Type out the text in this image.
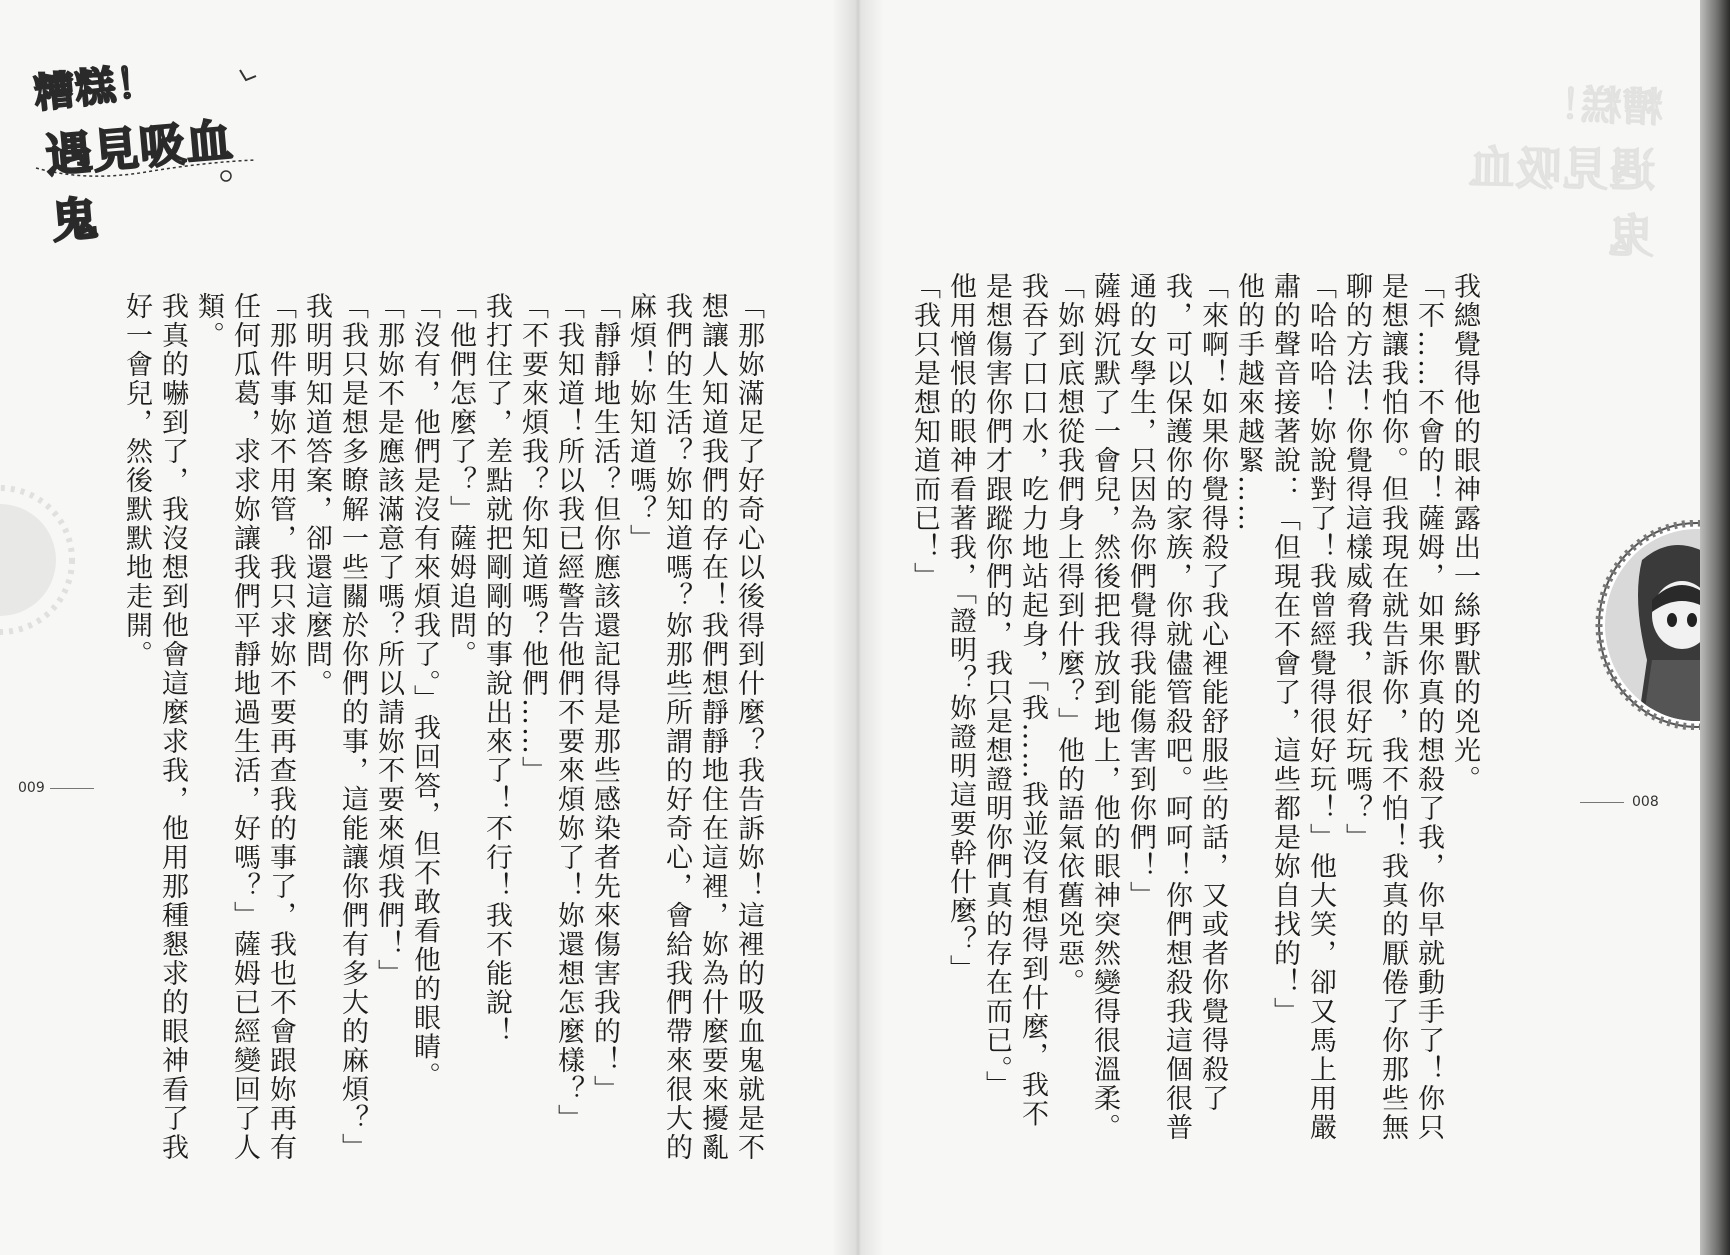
糟糕！
遇見吸血鬼

「那妳滿足了好奇心以後得到什麼？我告訴妳！這裡的吸血鬼就是不想讓人知道我們的存在！我們想靜靜地住在這裡，妳為什麼要來擾亂我們的生活？妳知道嗎？妳那些所謂的好奇心，會給我們帶來很大的麻煩！妳知道嗎？」

「靜靜地生活？但你應該還記得是那些感染者先來傷害我的！」

「我知道！所以我已經警告他們不要來煩妳了！妳還想怎麼樣？」

「不要來煩我？你知道嗎？他們……」

我打住了，差點就把剛剛的事說出來了！不行！我不能說！

「他們怎麼了？」薩姆追問。

「沒有，他們是沒有來煩我了。」我回答，但不敢看他的眼睛。

「那妳不是應該滿意了嗎？所以請妳不要來煩我們！」

「我只是想多瞭解一些關於你們的事，這能讓你們有多大的麻煩？」我明明知道答案，卻還這麼問。

「那件事妳不用管，我只求妳不要再查我的事了，我也不會跟妳再有任何瓜葛，求求妳讓我們平靜地過生活，好嗎？」薩姆已經變回了人類。

我真的嚇到了，我沒想到他會這麼求我，他用那種懇求的眼神看了我好一會兒，然後默默地走開。

009	我總覺得他的眼神露出一絲野獸的兇光。

「不……不會的！薩姆，如果你真的想殺了我，你早就動手了！你只是想讓我怕你。但我現在就告訴你，我不怕！我真的厭倦了你那些無聊的方法！你覺得這樣威脅我，很好玩嗎？」

「哈哈哈！妳說對了！我曾經覺得很好玩！」他大笑，卻又馬上用嚴肅的聲音接著說：「但現在不會了，這些都是妳自找的！」

他的手越來越緊……

「來啊！如果你覺得殺了我心裡能舒服些的話，又或者你覺得殺了我，可以保護你的家族，你就儘管殺吧。呵呵！你們想殺我這個很普通的女學生，只因為你們覺得我能傷害到你們！」

薩姆沉默了一會兒，然後把我放到地上，他的眼神突然變得很溫柔。

「妳到底想從我們身上得到什麼？」他的語氣依舊兇惡。

我吞了口口水，吃力地站起身，「我……我並沒有想得到什麼，我不是想傷害你們才跟蹤你們的，我只是想證明你們真的存在而已。」

他用憎恨的眼神看著我，「證明？妳證明這要幹什麼？」

「我只是想知道而已！」

糟糕！
遇見吸血鬼
008
